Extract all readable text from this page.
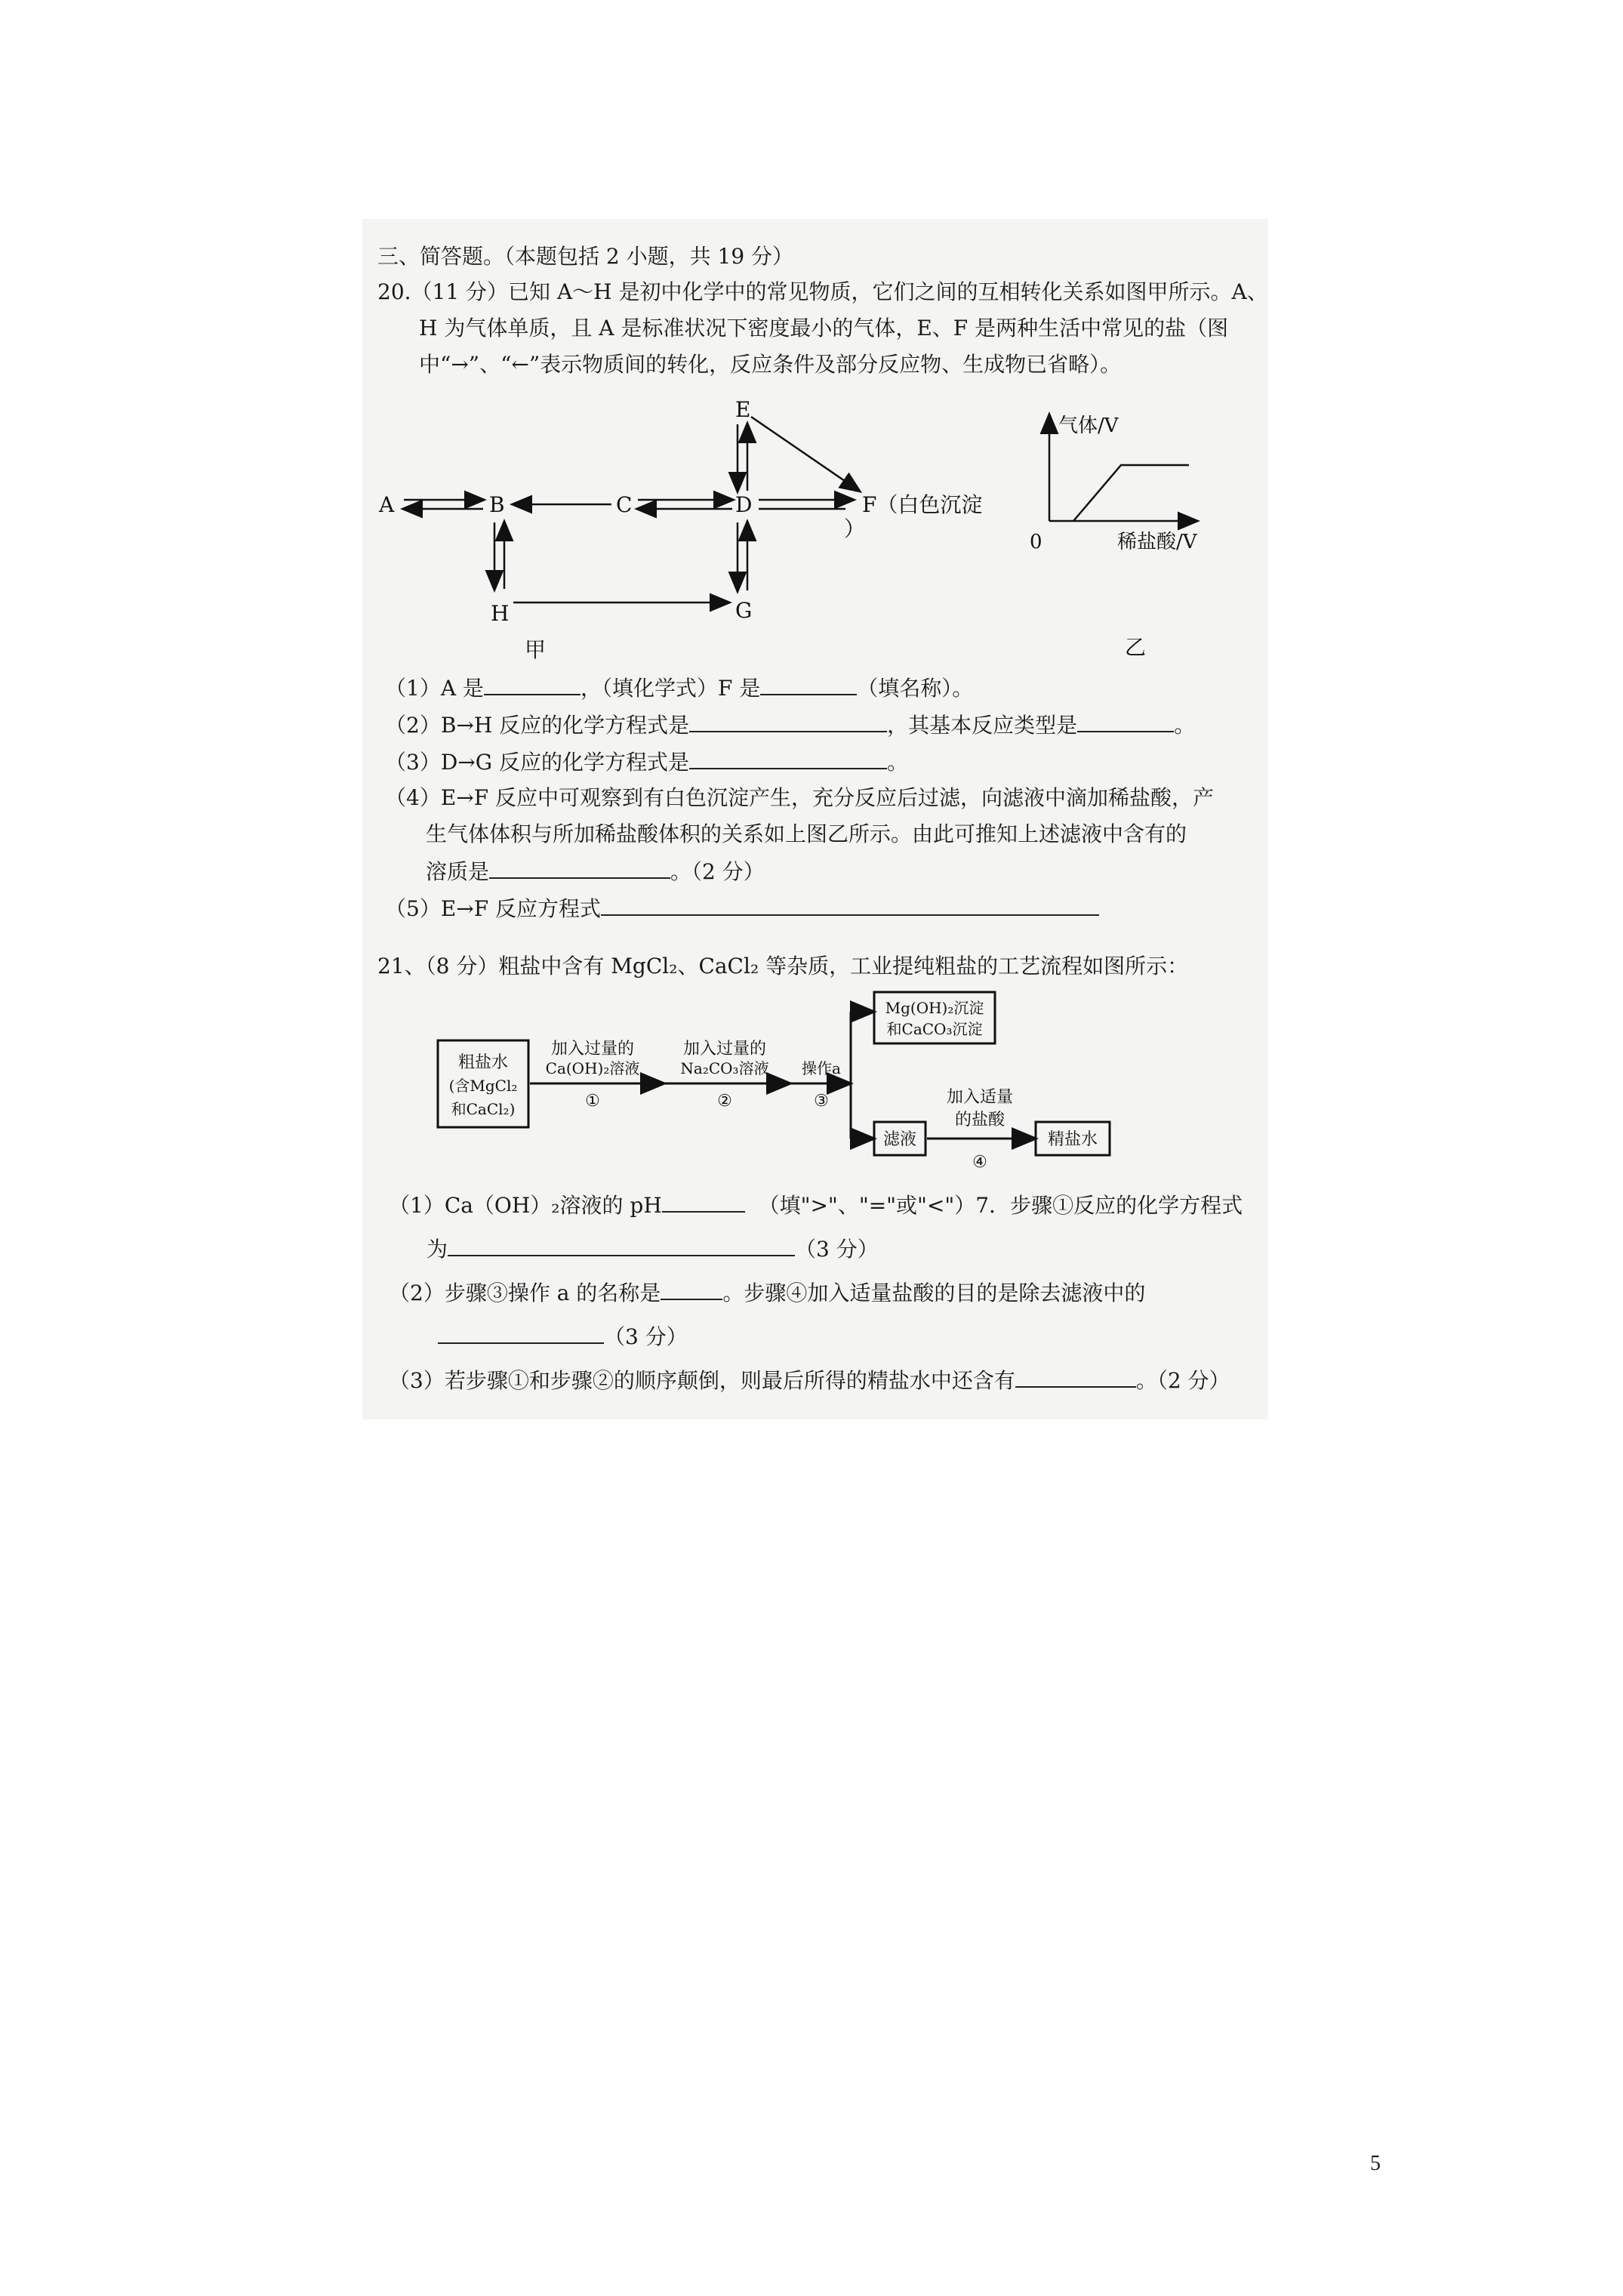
三、简答题。（本题包括 2 小题，共 19 分）
20.（11 分）已知 A～H 是初中化学中的常见物质，它们之间的互相转化关系如图甲所示。A、
H 为气体单质，且 A 是标准状况下密度最小的气体，E、F 是两种生活中常见的盐（图
中“→”、“←”表示物质间的转化，反应条件及部分反应物、生成物已省略）。
A	B	C	D
E
F（白色沉淀
）
G
H
甲
气体/V
0	稀盐酸/V
乙
（1）A 是	，（填化学式）F 是	（填名称）。
（2）B→H 反应的化学方程式是	，其基本反应类型是	。
（3）D→G 反应的化学方程式是	。
（4）E→F 反应中可观察到有白色沉淀产生，充分反应后过滤，向滤液中滴加稀盐酸，产
生气体体积与所加稀盐酸体积的关系如上图乙所示。由此可推知上述滤液中含有的
溶质是	。（2 分）
（5）E→F 反应方程式
21、（8 分）粗盐中含有 MgCl₂、CaCl₂ 等杂质，工业提纯粗盐的工艺流程如图所示：
粗盐水
(含MgCl₂
和CaCl₂)
加入过量的
Ca(OH)₂溶液
①
加入过量的
Na₂CO₃溶液
②
操作a
③
Mg(OH)₂沉淀
和CaCO₃沉淀
滤液
加入适量
的盐酸
④
精盐水
（1）Ca（OH）₂溶液的 pH	（填">"、"="或"<"）7．步骤①反应的化学方程式
为	（3 分）
（2）步骤③操作 a 的名称是	。步骤④加入适量盐酸的目的是除去滤液中的
（3 分）
（3）若步骤①和步骤②的顺序颠倒，则最后所得的精盐水中还含有	。（2 分）
5
